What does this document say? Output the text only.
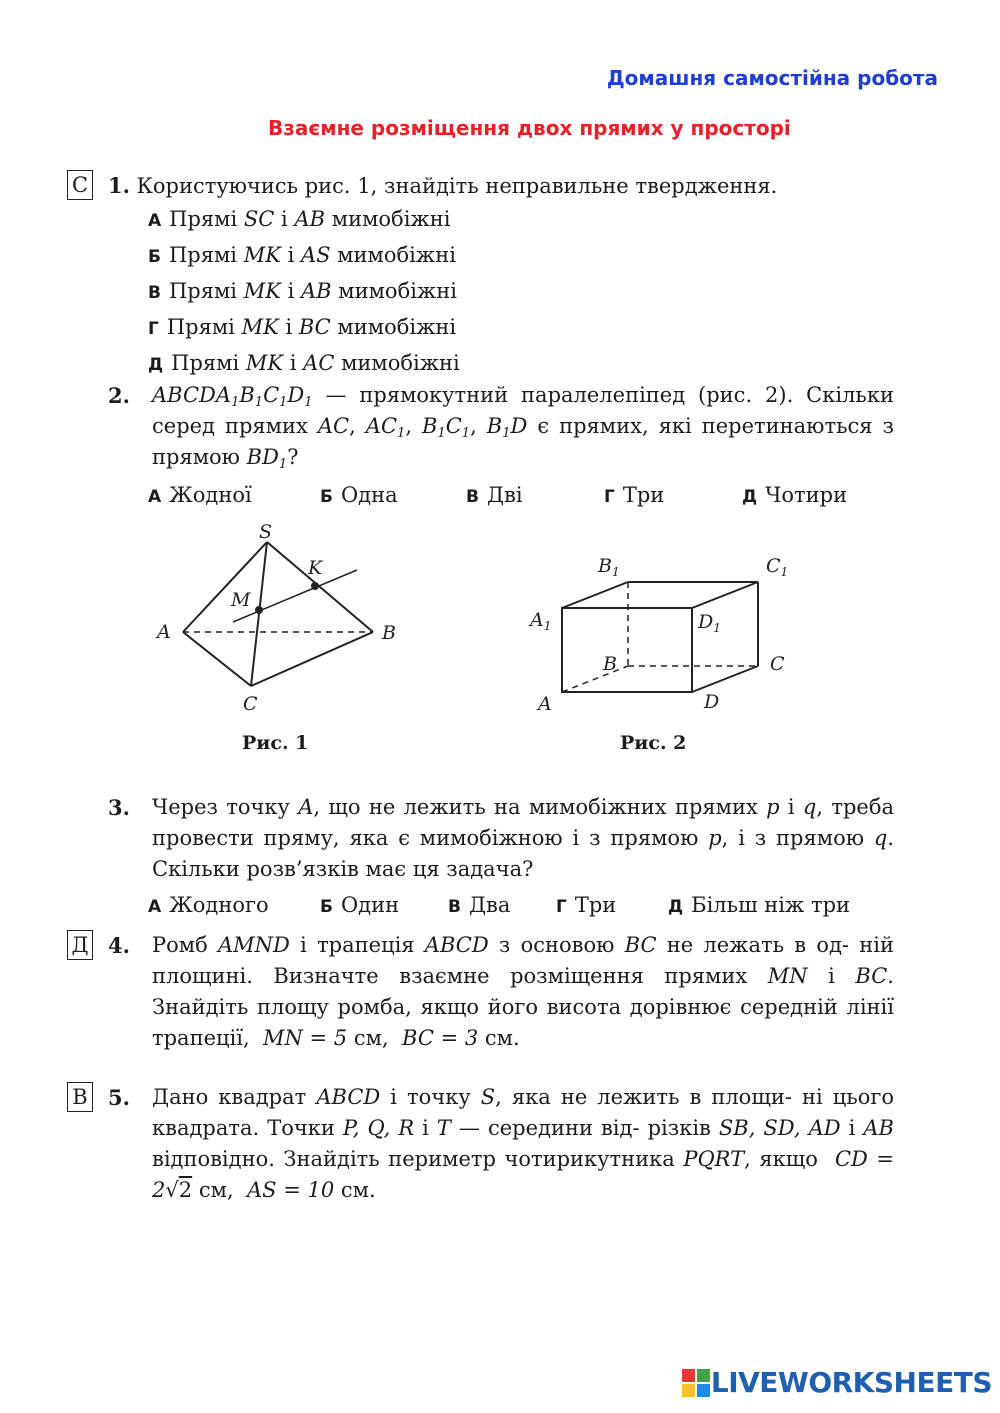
Домашня самостійна робота
Взаємне розміщення двох прямих у просторі
С 1. Користуючись рис. 1, знайдіть неправильне твердження.
А Прямі SC і AB мимобіжні
Б Прямі MK і AS мимобіжні
В Прямі MK і AB мимобіжні
Г Прямі MK і BC мимобіжні
Д Прямі MK і AC мимобіжні
2. $ABCDA_1B_1C_1D_1$ — прямокутний паралелепіпед (рис. 2). Скільки серед прямих AC, $AC_1$, $B_1C_1$, $B_1D$ є прямих, які перетинаються з прямою $BD_1$?
А Жодної	Б Одна	В Дві	Г Три	Д Чотири
S
K
M
A	B
C
Рис. 1
$B_1$	$C_1$
$A_1$	$D_1$
B	C
A	D
Рис. 2
3. Через точку A, що не лежить на мимобіжних прямих p і q, треба провести пряму, яка є мимобіжною і з прямою p, і з прямою q. Скільки розв’язків має ця задача?
А Жодного	Б Один	В Два	Г Три	Д Більш ніж три
Д 4. Ромб AMND і трапеція ABCD з основою BC не лежать в од- ній площині. Визначте взаємне розміщення прямих MN і BC. Знайдіть площу ромба, якщо його висота дорівнює середній лінії трапеції, MN = 5 см,  BC = 3 см.
В 5. Дано квадрат ABCD і точку S, яка не лежить в площи- ні цього квадрата. Точки P, Q, R і T — середини від- різків SB, SD, AD і AB відповідно. Знайдіть периметр чотирикутника PQRT, якщо CD = 2√2 см,  AS = 10 см.
LIVEWORKSHEETS
